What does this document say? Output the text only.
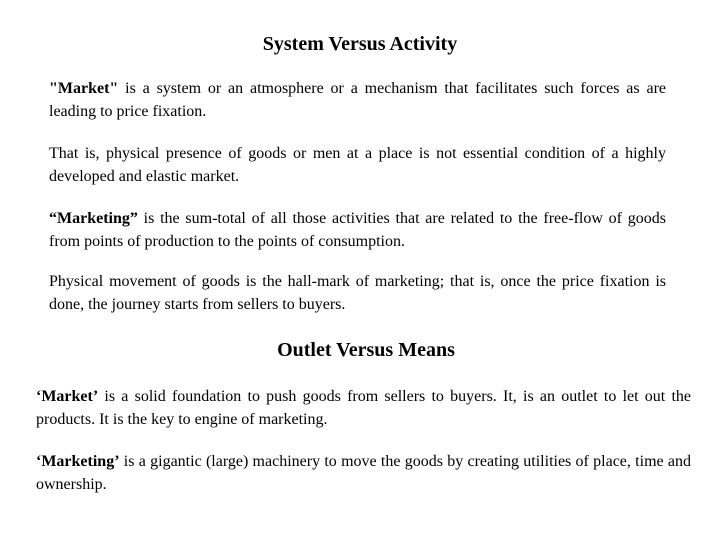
System Versus Activity
"Market" is a system or an atmosphere or a mechanism that facilitates such forces as are leading to price fixation.
That is, physical presence of goods or men at a place is not essential condition of a highly developed and elastic market.
“Marketing” is the sum-total of all those activities that are related to the free-flow of goods from points of production to the points of consumption.
Physical movement of goods is the hall-mark of marketing; that is, once the price fixation is done, the journey starts from sellers to buyers.
Outlet Versus Means
‘Market’ is a solid foundation to push goods from sellers to buyers. It, is an outlet to let out the products. It is the key to engine of marketing.
‘Marketing’ is a gigantic (large) machinery to move the goods by creating utilities of place, time and ownership.
